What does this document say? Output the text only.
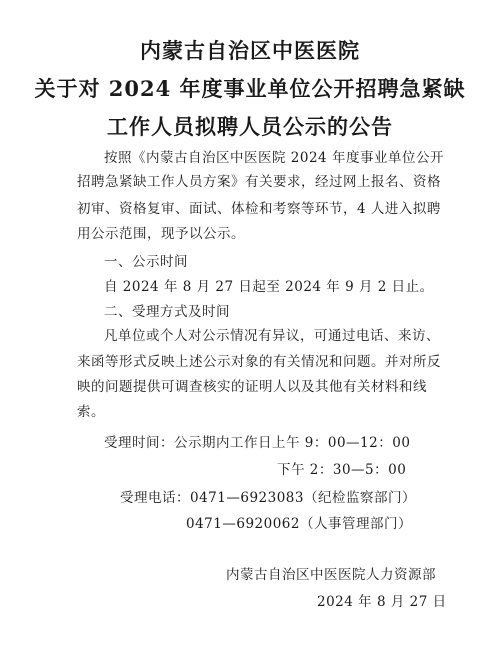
内蒙古自治区中医医院
关于对 2024 年度事业单位公开招聘急紧缺
工作人员拟聘人员公示的公告
按照《内蒙古自治区中医医院 2024 年度事业单位公开
招聘急紧缺工作人员方案》有关要求，经过网上报名、资格
初审、资格复审、面试、体检和考察等环节，4 人进入拟聘
用公示范围，现予以公示。
一、公示时间
自 2024 年 8 月 27 日起至 2024 年 9 月 2 日止。
二、受理方式及时间
凡单位或个人对公示情况有异议，可通过电话、来访、
来函等形式反映上述公示对象的有关情况和问题。并对所反
映的问题提供可调查核实的证明人以及其他有关材料和线
索。
受理时间：公示期内工作日上午 9：00—12：00
下午 2：30—5：00
受理电话：0471—6923083（纪检监察部门）
0471—6920062（人事管理部门）
内蒙古自治区中医医院人力资源部
2024 年 8 月 27 日
